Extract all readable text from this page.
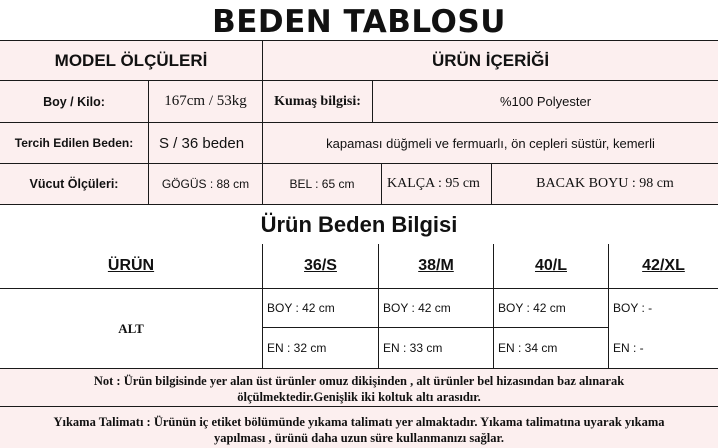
BEDEN TABLOSU
MODEL ÖLÇÜLERİ	ÜRÜN İÇERİĞİ
Boy / Kilo:	167cm / 53kg	Kumaş bilgisi:	%100 Polyester
Tercih Edilen Beden:	S / 36 beden	kapaması düğmeli ve fermuarlı, ön cepleri süstür, kemerli
Vücut Ölçüleri:	GÖGÜS : 88 cm	BEL : 65 cm	KALÇA : 95 cm	BACAK BOYU : 98 cm
Ürün Beden Bilgisi
ÜRÜN	36/S	38/M	40/L	42/XL
ALT
BOY : 42 cm	BOY : 42 cm	BOY : 42 cm	BOY : -
EN : 32 cm	EN : 33 cm	EN : 34 cm	EN : -
Not : Ürün bilgisinde yer alan üst ürünler omuz dikişinden , alt ürünler bel hizasından baz alınarak
ölçülmektedir.Genişlik iki koltuk altı arasıdır.
Yıkama Talimatı : Ürünün iç etiket bölümünde yıkama talimatı yer almaktadır. Yıkama talimatına uyarak yıkama
yapılması , ürünü daha uzun süre kullanmanızı sağlar.
